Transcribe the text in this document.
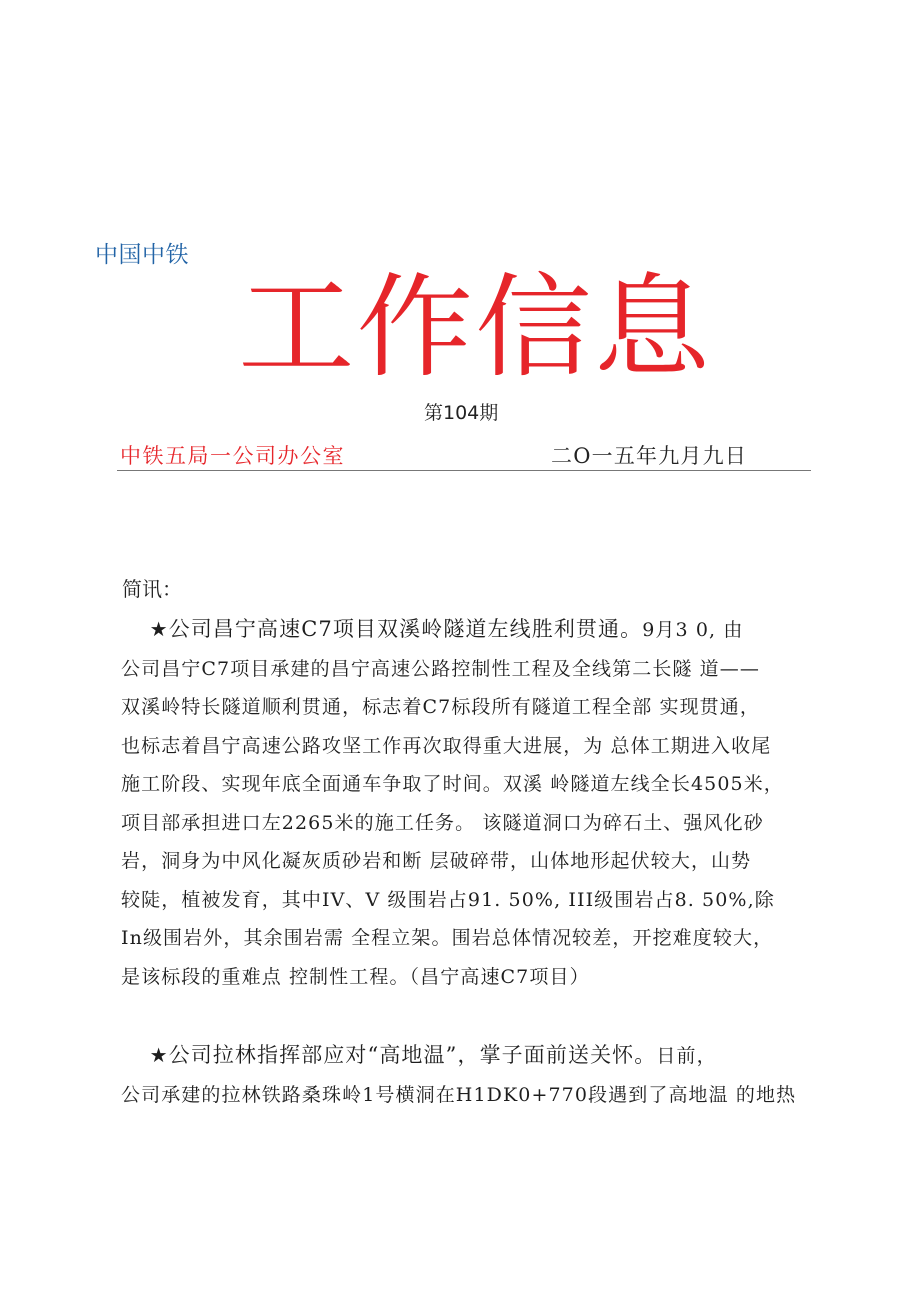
中国中铁
工作信息
第104期
中铁五局一公司办公室	二O一五年九月九日
简讯：
★公司昌宁高速C7项目双溪岭隧道左线胜利贯通。9月3 0, 由
公司昌宁C7项目承建的昌宁高速公路控制性工程及全线第二长隧 道——
双溪岭特长隧道顺利贯通，标志着C7标段所有隧道工程全部 实现贯通，
也标志着昌宁高速公路攻坚工作再次取得重大进展，为 总体工期进入收尾
施工阶段、实现年底全面通车争取了时间。双溪 岭隧道左线全长4505米，
项目部承担进口左2265米的施工任务。 该隧道洞口为碎石土、强风化砂
岩，洞身为中风化凝灰质砂岩和断 层破碎带，山体地形起伏较大，山势
较陡，植被发育，其中IV、V 级围岩占91. 50%, III级围岩占8. 50%,除
In级围岩外，其余围岩需 全程立架。围岩总体情况较差，开挖难度较大，
是该标段的重难点 控制性工程。（昌宁高速C7项目）
★公司拉林指挥部应对“高地温”，掌子面前送关怀。日前，
公司承建的拉林铁路桑珠岭1号横洞在H1DK0+770段遇到了高地温 的地热
